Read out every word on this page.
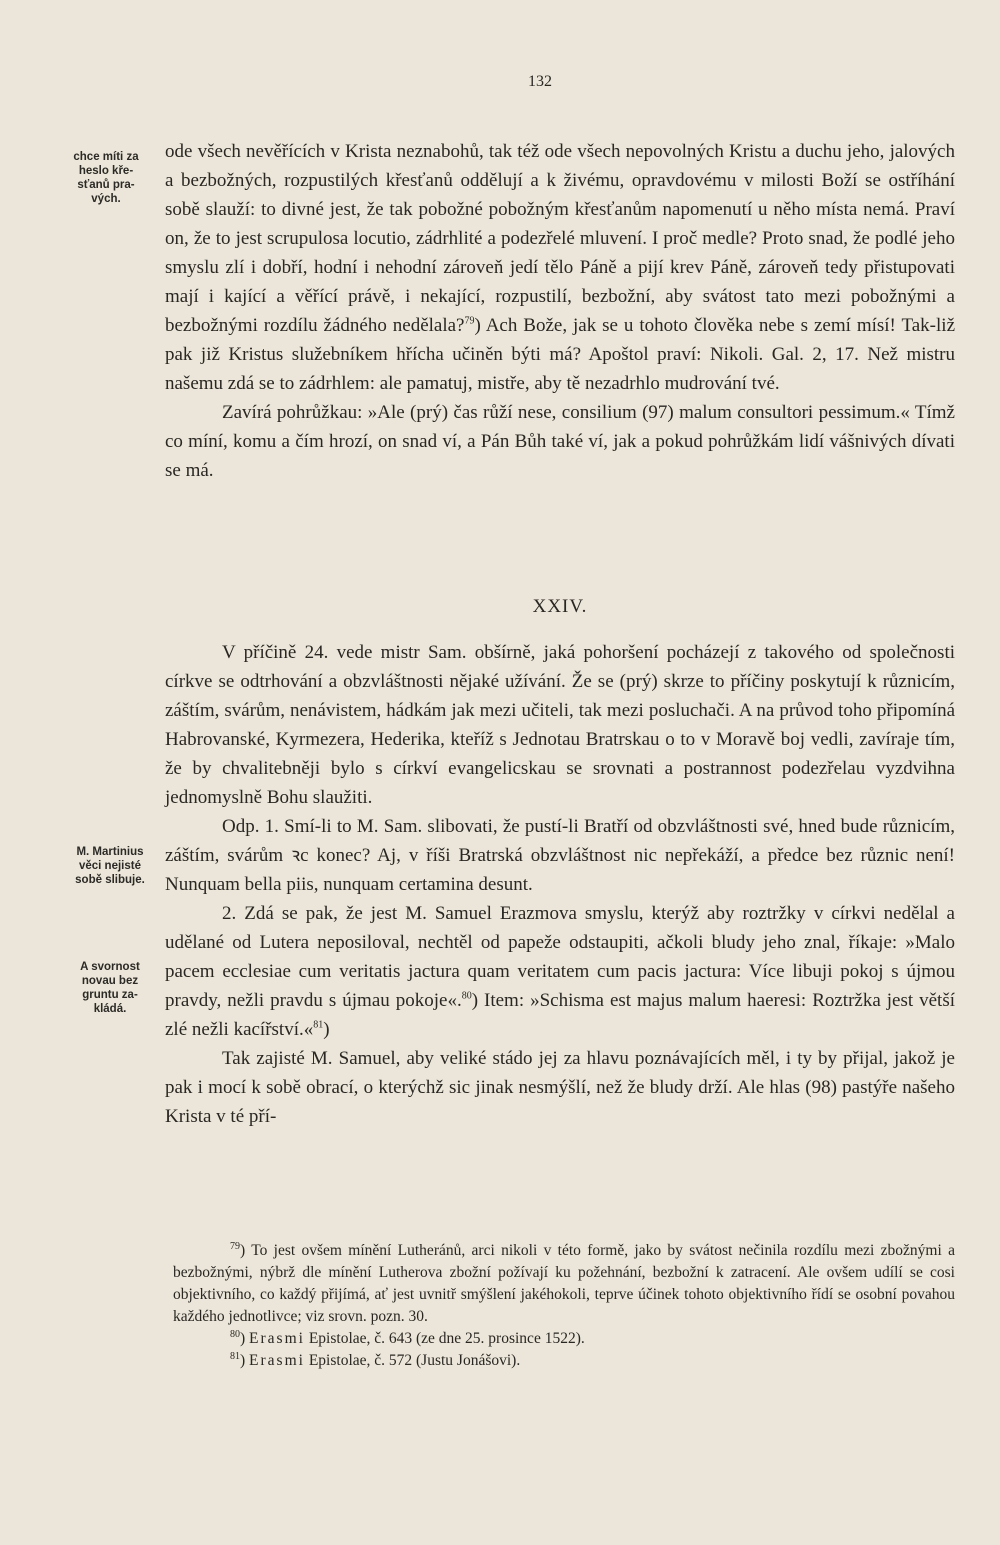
132
chce míti za
heslo kře-
sťanů pra-
vých.
M. Martinius
věci nejisté
sobě slibuje.
A svornost
novau bez
gruntu za-
kládá.

ode všech nevěřících v Krista neznabohů, tak též ode všech nepovolných Kristu a duchu jeho, jalových a bezbožných, rozpustilých křesťanů oddělují a k živému, opravdovému v milosti Boží se ostříhání sobě slauží: to divné jest, že tak pobožné pobožným křesťanům napomenutí u něho místa nemá. Praví on, že to jest scrupulosa locutio, zádrhlité a podezřelé mluvení. I proč medle? Proto snad, že podlé jeho smyslu zlí i dobří, hodní i nehodní zároveň jedí tělo Páně a pijí krev Páně, zároveň tedy přistupovati mají i kající a věřící právě, i nekající, rozpustilí, bezbožní, aby svátost tato mezi pobožnými a bezbožnými rozdílu žádného nedělala?$^{79}$) Ach Bože, jak se u tohoto člověka nebe s zemí mísí! Tak-liž pak již Kristus služebníkem hřícha učiněn býti má? Apoštol praví: Nikoli. Gal. 2, 17. Než mistru našemu zdá se to zádrhlem: ale pamatuj, mistře, aby tě nezadrhlo mudrování tvé.

Zavírá pohrůžkau: »Ale (prý) čas růží nese, consilium (97) malum consultori pessimum.« Tímž co míní, komu a čím hrozí, on snad ví, a Pán Bůh také ví, jak a pokud pohrůžkám lidí vášnivých dívati se má.

XXIV.

V příčině 24. vede mistr Sam. obšírně, jaká pohoršení pocházejí z takového od společnosti církve se odtrhování a obzvláštnosti nějaké užívání. Že se (prý) skrze to příčiny poskytují k různicím, záštím, svárům, nenávistem, hádkám jak mezi učiteli, tak mezi posluchači. A na průvod toho připomíná Habrovanské, Kyrmezera, Hederika, kteříž s Jednotau Bratrskau o to v Moravě boj vedli, zavíraje tím, že by chvalitebněji bylo s církví evangelicskau se srovnati a postrannost podezřelau vyzdvihna jednomyslně Bohu slaužiti.

Odp. 1. Smí-li to M. Sam. slibovati, že pustí-li Bratří od obzvláštnosti své, hned bude různicím, záštím, svárům ꝛc konec? Aj, v říši Bratrská obzvláštnost nic nepřekáží, a předce bez různic není! Nunquam bella piis, nunquam certamina desunt.

2. Zdá se pak, že jest M. Samuel Erazmova smyslu, kterýž aby roztržky v církvi nedělal a udělané od Lutera neposiloval, nechtěl od papeže odstaupiti, ačkoli bludy jeho znal, říkaje: »Malo pacem ecclesiae cum veritatis jactura quam veritatem cum pacis jactura: Více libuji pokoj s újmou pravdy, nežli pravdu s újmau pokoje«.$^{80}$) Item: »Schisma est majus malum haeresi: Roztržka jest větší zlé nežli kacířství.«$^{81}$)

Tak zajisté M. Samuel, aby veliké stádo jej za hlavu poznávajících měl, i ty by přijal, jakož je pak i mocí k sobě obrací, o kterýchž sic jinak nesmýšlí, než že bludy drží. Ale hlas (98) pastýře našeho Krista v té pří-

$^{79}$) To jest ovšem mínění Lutheránů, arci nikoli v této formě, jako by svátost nečinila rozdílu mezi zbožnými a bezbožnými, nýbrž dle mínění Lutherova zbožní požívají ku požehnání, bezbožní k zatracení. Ale ovšem udílí se cosi objektivního, co každý přijímá, ať jest uvnitř smýšlení jakéhokoli, teprve účinek tohoto objektivního řídí se osobní povahou každého jednotlivce; viz srovn. pozn. 30.

$^{80}$) Erasmi Epistolae, č. 643 (ze dne 25. prosince 1522).

$^{81}$) Erasmi Epistolae, č. 572 (Justu Jonášovi).
